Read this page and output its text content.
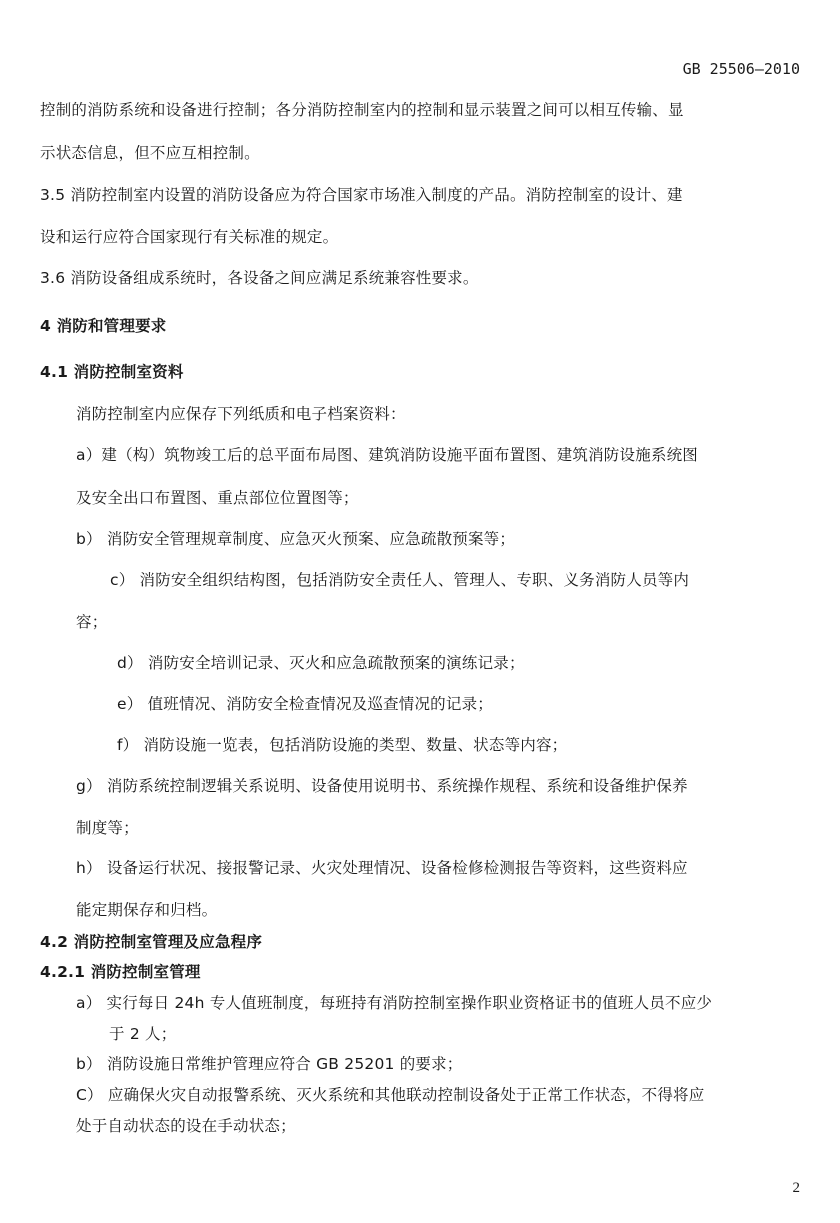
GB 25506—2010
控制的消防系统和设备进行控制；各分消防控制室内的控制和显示装置之间可以相互传输、显
示状态信息，但不应互相控制。
3.5 消防控制室内设置的消防设备应为符合国家市场准入制度的产品。消防控制室的设计、建
设和运行应符合国家现行有关标准的规定。
3.6 消防设备组成系统时，各设备之间应满足系统兼容性要求。
4 消防和管理要求
4.1 消防控制室资料
消防控制室内应保存下列纸质和电子档案资料：
a）建（构）筑物竣工后的总平面布局图、建筑消防设施平面布置图、建筑消防设施系统图
及安全出口布置图、重点部位位置图等；
b） 消防安全管理规章制度、应急灭火预案、应急疏散预案等；
c） 消防安全组织结构图，包括消防安全责任人、管理人、专职、义务消防人员等内
容；
d） 消防安全培训记录、灭火和应急疏散预案的演练记录；
e） 值班情况、消防安全检查情况及巡查情况的记录；
f） 消防设施一览表，包括消防设施的类型、数量、状态等内容；
g） 消防系统控制逻辑关系说明、设备使用说明书、系统操作规程、系统和设备维护保养
制度等；
h） 设备运行状况、接报警记录、火灾处理情况、设备检修检测报告等资料，这些资料应
能定期保存和归档。
4.2 消防控制室管理及应急程序
4.2.1 消防控制室管理
a） 实行每日 24h 专人值班制度，每班持有消防控制室操作职业资格证书的值班人员不应少
于 2 人；
b） 消防设施日常维护管理应符合 GB 25201 的要求；
C） 应确保火灾自动报警系统、灭火系统和其他联动控制设备处于正常工作状态，不得将应
处于自动状态的设在手动状态；
2
